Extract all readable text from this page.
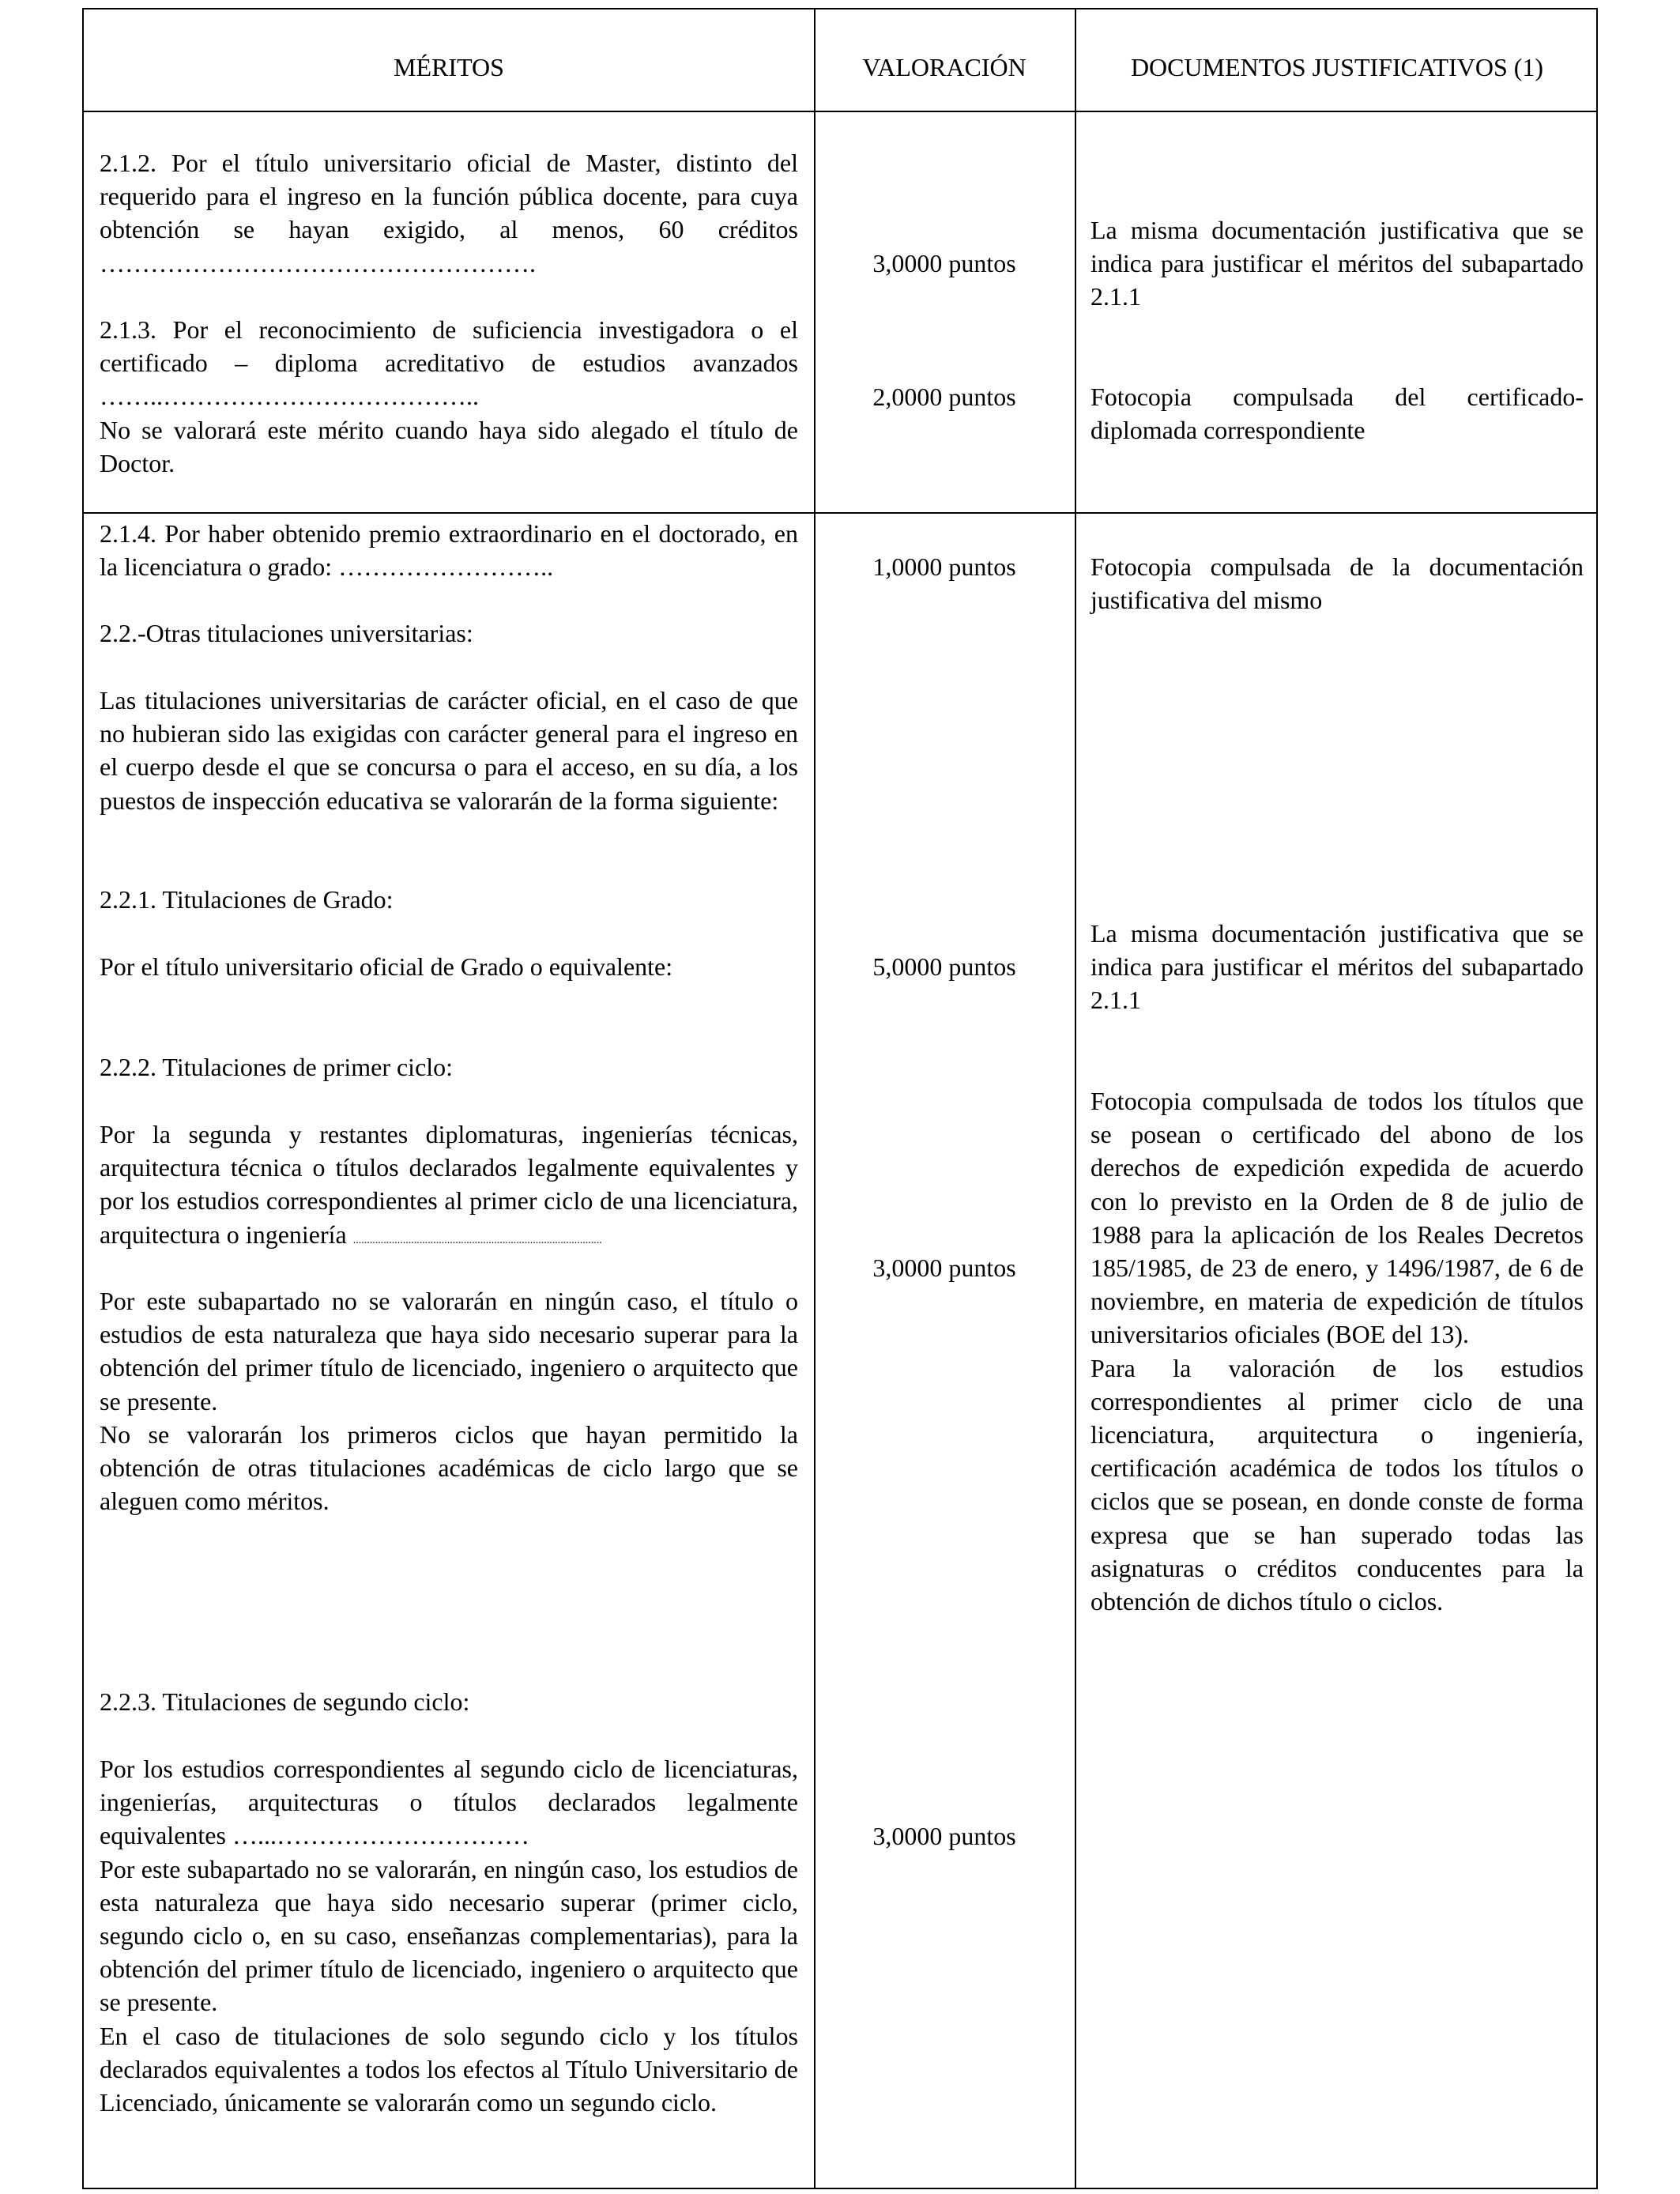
MÉRITOS	VALORACIÓN	DOCUMENTOS JUSTIFICATIVOS (1)

2.1.2. Por el título universitario oficial de Master, distinto del requerido para el ingreso en la función pública docente, para cuya obtención se hayan exigido, al menos, 60 créditos …………………………………………….

2.1.3. Por el reconocimiento de suficiencia investigadora o el certificado – diploma acreditativo de estudios avanzados ……..………………………………..

No se valorará este mérito cuando haya sido alegado el título de Doctor.

3,0000 puntos
2,0000 puntos
La misma documentación justificativa que se indica para justificar el méritos del subapartado 2.1.1
Fotocopia compulsada del certificado- diplomada correspondiente
2.1.4. Por haber obtenido premio extraordinario en el doctorado, en la licenciatura o grado: ……………………..
2.2.-Otras titulaciones universitarias:
Las titulaciones universitarias de carácter oficial, en el caso de que no hubieran sido las exigidas con carácter general para el ingreso en el cuerpo desde el que se concursa o para el acceso, en su día, a los puestos de inspección educativa se valorarán de la forma siguiente:
2.2.1. Titulaciones de Grado:
Por el título universitario oficial de Grado o equivalente:
2.2.2. Titulaciones de primer ciclo:

Por la segunda y restantes diplomaturas, ingenierías técnicas, arquitectura técnica o títulos declarados legalmente equivalentes y por los estudios correspondientes al primer ciclo de una licenciatura, arquitectura o ingeniería ..........................................................................................

Por este subapartado no se valorarán en ningún caso, el título o estudios de esta naturaleza que haya sido necesario superar para la obtención del primer título de licenciado, ingeniero o arquitecto que se presente.

No se valorarán los primeros ciclos que hayan permitido la obtención de otras titulaciones académicas de ciclo largo que se aleguen como méritos.

2.2.3. Titulaciones de segundo ciclo:

Por los estudios correspondientes al segundo ciclo de licenciaturas, ingenierías, arquitecturas o títulos declarados legalmente equivalentes …...…………………………

Por este subapartado no se valorarán, en ningún caso, los estudios de esta naturaleza que haya sido necesario superar (primer ciclo, segundo ciclo o, en su caso, enseñanzas complementarias), para la obtención del primer título de licenciado, ingeniero o arquitecto que se presente.

En el caso de titulaciones de solo segundo ciclo y los títulos declarados equivalentes a todos los efectos al Título Universitario de Licenciado, únicamente se valorarán como un segundo ciclo.

1,0000 puntos
5,0000 puntos
3,0000 puntos
3,0000 puntos
Fotocopia compulsada de la documentación justificativa del mismo
La misma documentación justificativa que se indica para justificar el méritos del subapartado 2.1.1

Fotocopia compulsada de todos los títulos que se posean o certificado del abono de los derechos de expedición expedida de acuerdo con lo previsto en la Orden de 8 de julio de 1988 para la aplicación de los Reales Decretos 185/1985, de 23 de enero, y 1496/1987, de 6 de noviembre, en materia de expedición de títulos universitarios oficiales (BOE del 13).

Para la valoración de los estudios correspondientes al primer ciclo de una licenciatura, arquitectura o ingeniería, certificación académica de todos los títulos o ciclos que se posean, en donde conste de forma expresa que se han superado todas las asignaturas o créditos conducentes para la obtención de dichos título o ciclos.
